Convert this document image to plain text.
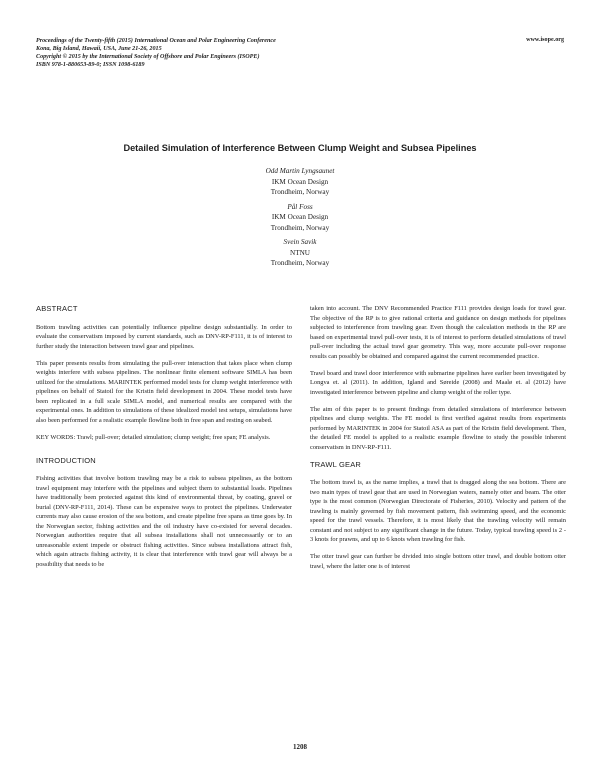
Proceedings of the Twenty-fifth (2015) International Ocean and Polar Engineering Conference
Kona, Big Island, Hawaii, USA, June 21-26, 2015
Copyright © 2015 by the International Society of Offshore and Polar Engineers (ISOPE)
ISBN 978-1-880653-89-0; ISSN 1098-6189
www.isope.org
Detailed Simulation of Interference Between Clump Weight and Subsea Pipelines
Odd Martin Lyngsaunet
IKM Ocean Design
Trondheim, Norway
Pål Foss
IKM Ocean Design
Trondheim, Norway
Svein Savik
NTNU
Trondheim, Norway
ABSTRACT

Bottom trawling activities can potentially influence pipeline design substantially. In order to evaluate the conservatism imposed by current standards, such as DNV-RP-F111, it is of interest to further study the interaction between trawl gear and pipelines.

This paper presents results from simulating the pull-over interaction that takes place when clump weights interfere with subsea pipelines. The nonlinear finite element software SIMLA has been utilized for the simulations. MARINTEK performed model tests for clump weight interference with pipelines on behalf of Statoil for the Kristin field development in 2004. These model tests have been replicated in a full scale SIMLA model, and numerical results are compared with the experimental ones. In addition to simulations of these idealized model test setups, simulations have also been performed for a realistic example flowline both in free span and resting on seabed.

KEY WORDS: Trawl; pull-over; detailed simulation; clump weight; free span; FE analysis.

INTRODUCTION

Fishing activities that involve bottom trawling may be a risk to subsea pipelines, as the bottom trawl equipment may interfere with the pipelines and subject them to substantial loads. Pipelines have traditionally been protected against this kind of environmental threat, by coating, gravel or burial (DNV-RP-F111, 2014). These can be expensive ways to protect the pipelines. Underwater currents may also cause erosion of the sea bottom, and create pipeline free spans as time goes by. In the Norwegian sector, fishing activities and the oil industry have co-existed for several decades. Norwegian authorities require that all subsea installations shall not unnecessarily or to an unreasonable extent impede or obstruct fishing activities. Since subsea installations attract fish, which again attracts fishing activity, it is clear that interference with trawl gear will always be a possibility that needs to be

taken into account. The DNV Recommended Practice F111 provides design loads for trawl gear. The objective of the RP is to give rational criteria and guidance on design methods for pipelines subjected to interference from trawling gear. Even though the calculation methods in the RP are based on experimental trawl pull-over tests, it is of interest to perform detailed simulations of trawl pull-over including the actual trawl gear geometry. This way, more accurate pull-over response results can possibly be obtained and compared against the current recommended practice.

Trawl board and trawl door interference with submarine pipelines have earlier been investigated by Longva et. al (2011). In addition, Igland and Søreide (2008) and Maalø et. al (2012) have investigated interference between pipeline and clump weight of the roller type.

The aim of this paper is to present findings from detailed simulations of interference between pipelines and clump weights. The FE model is first verified against results from experiments performed by MARINTEK in 2004 for Statoil ASA as part of the Kristin field development. Then, the detailed FE model is applied to a realistic example flowline to study the possible inherent conservatism in DNV-RP-F111.

TRAWL GEAR

The bottom trawl is, as the name implies, a trawl that is dragged along the sea bottom. There are two main types of trawl gear that are used in Norwegian waters, namely otter and beam. The otter type is the most common (Norwegian Directorate of Fisheries, 2010). Velocity and pattern of the trawling is mainly governed by fish movement pattern, fish swimming speed, and the economic speed for the trawl vessels. Therefore, it is most likely that the trawling velocity will remain constant and not subject to any significant change in the future. Today, typical trawling speed is 2 - 3 knots for prawns, and up to 6 knots when trawling for fish.

The otter trawl gear can further be divided into single bottom otter trawl, and double bottom otter trawl, where the latter one is of interest

1208
